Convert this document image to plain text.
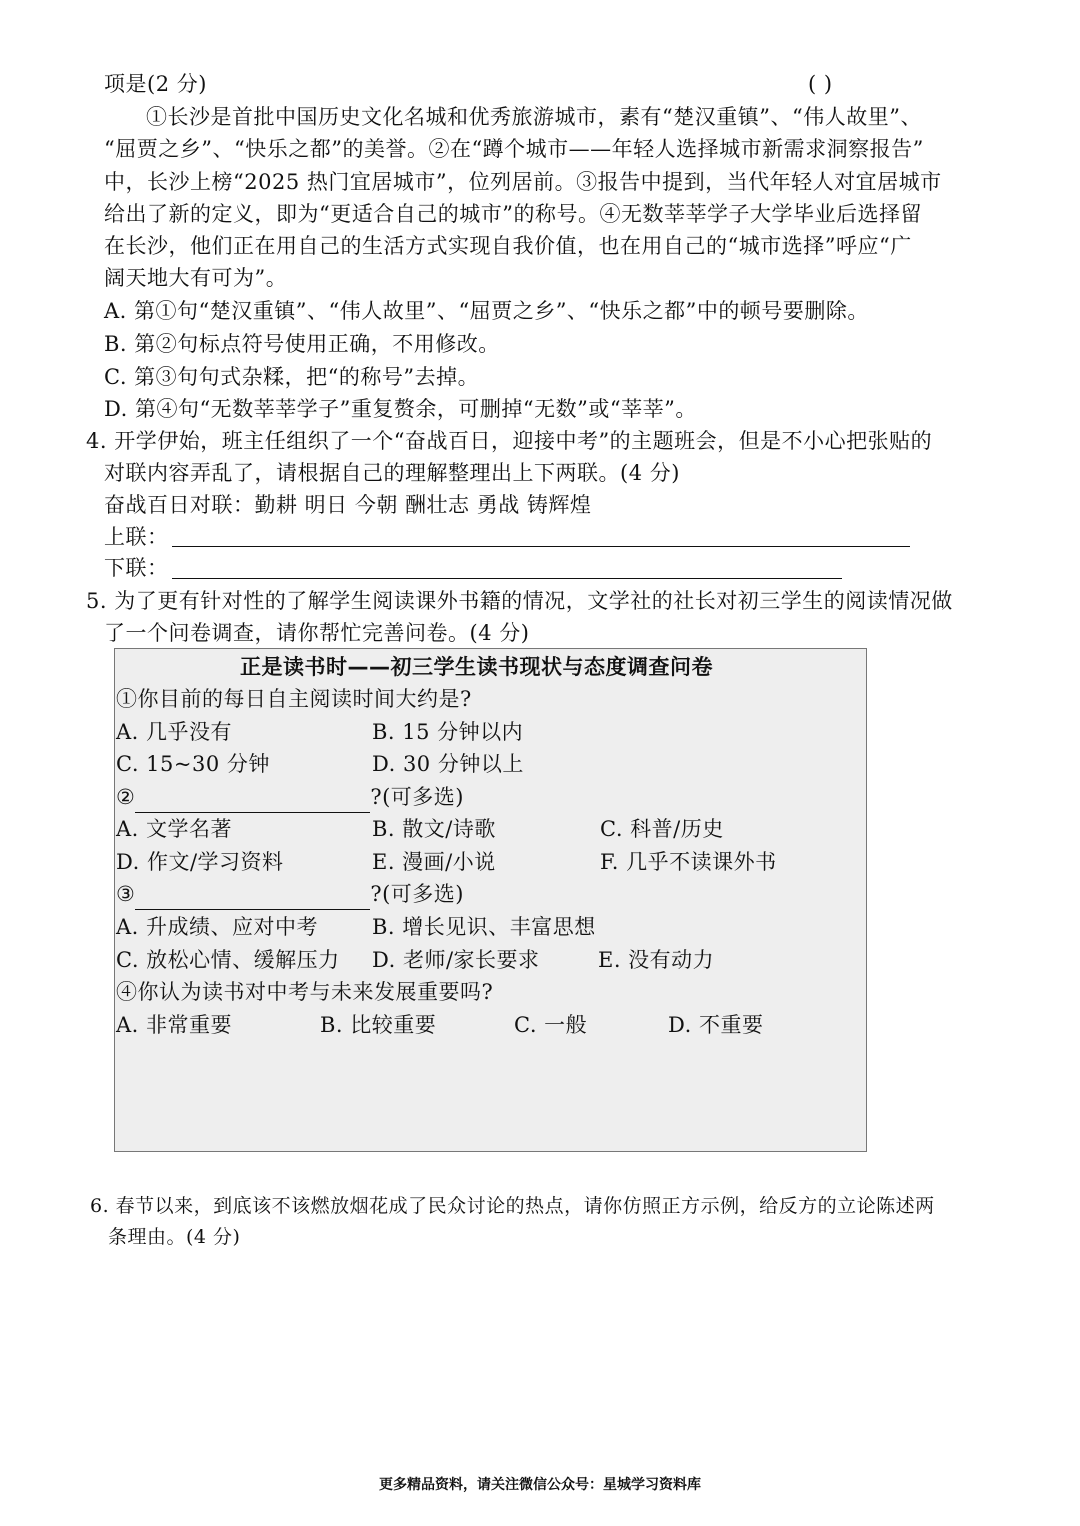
项是(2 分)	( )
①长沙是首批中国历史文化名城和优秀旅游城市，素有“楚汉重镇”、“伟人故里”、
“屈贾之乡”、“快乐之都”的美誉。②在“蹲个城市——年轻人选择城市新需求洞察报告”
中，长沙上榜“2025 热门宜居城市”，位列居前。③报告中提到，当代年轻人对宜居城市
给出了新的定义，即为“更适合自己的城市”的称号。④无数莘莘学子大学毕业后选择留
在长沙，他们正在用自己的生活方式实现自我价值，也在用自己的“城市选择”呼应“广
阔天地大有可为”。
A. 第①句“楚汉重镇”、“伟人故里”、“屈贾之乡”、“快乐之都”中的顿号要删除。
B. 第②句标点符号使用正确，不用修改。
C. 第③句句式杂糅，把“的称号”去掉。
D. 第④句“无数莘莘学子”重复赘余，可删掉“无数”或“莘莘”。
4. 开学伊始，班主任组织了一个“奋战百日，迎接中考”的主题班会，但是不小心把张贴的
对联内容弄乱了，请根据自己的理解整理出上下两联。(4 分)
奋战百日对联：勤耕 明日 今朝 酬壮志 勇战 铸辉煌
上联：
下联：
5. 为了更有针对性的了解学生阅读课外书籍的情况，文学社的社长对初三学生的阅读情况做
了一个问卷调查，请你帮忙完善问卷。(4 分)
正是读书时——初三学生读书现状与态度调查问卷
①你目前的每日自主阅读时间大约是?
A. 几乎没有	B. 15 分钟以内
C. 15~30 分钟	D. 30 分钟以上
②	?(可多选)
A. 文学名著	B. 散文/诗歌	C. 科普/历史
D. 作文/学习资料	E. 漫画/小说	F. 几乎不读课外书
③	?(可多选)
A. 升成绩、应对中考	B. 增长见识、丰富思想
C. 放松心情、缓解压力 D. 老师/家长要求	E. 没有动力
④你认为读书对中考与未来发展重要吗?
A. 非常重要	B. 比较重要	C. 一般	D. 不重要
6. 春节以来，到底该不该燃放烟花成了民众讨论的热点，请你仿照正方示例，给反方的立论陈述两
条理由。(4 分)
更多精品资料，请关注微信公众号：星城学习资料库
